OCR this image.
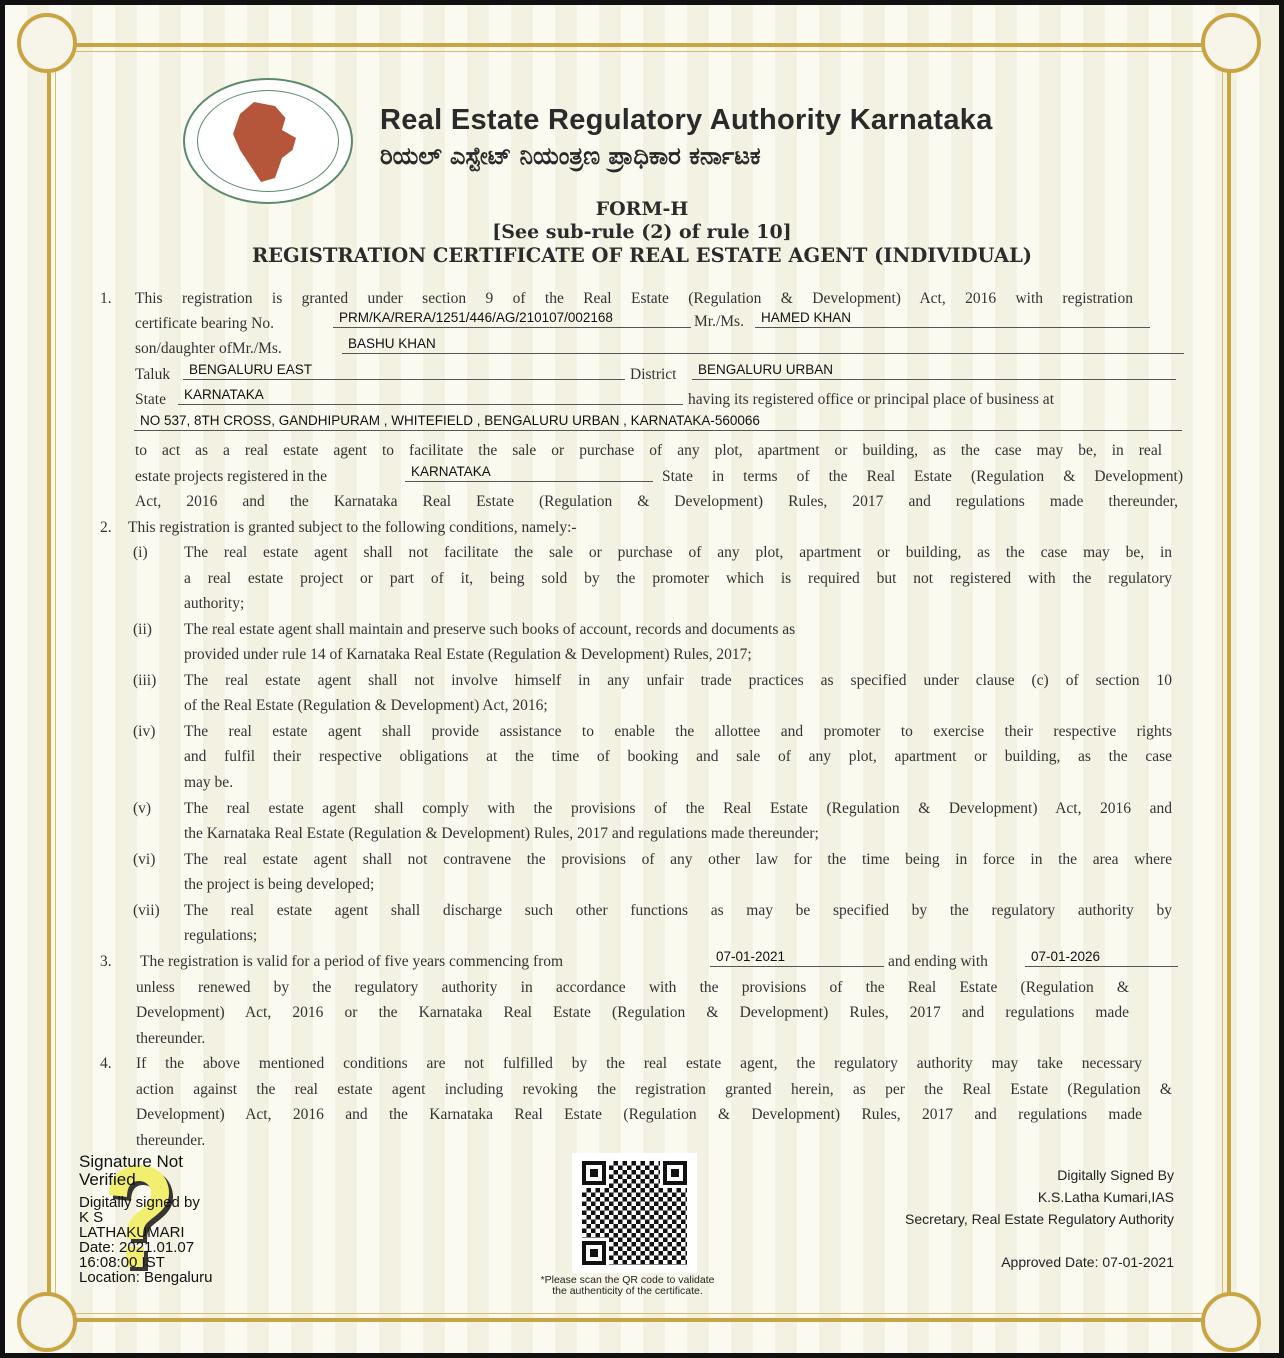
Real Estate Regulatory Authority Karnataka
ರಿಯಲ್ ಎಸ್ಟೇಟ್ ನಿಯಂತ್ರಣ ಪ್ರಾಧಿಕಾರ ಕರ್ನಾಟಕ
FORM-H
[See sub-rule (2) of rule 10]
REGISTRATION CERTIFICATE OF REAL ESTATE AGENT (INDIVIDUAL)
1. This registration is granted under section 9 of the Real Estate (Regulation & Development) Act, 2016 with registration
certificate bearing No.	PRM/KA/RERA/1251/446/AG/210107/002168	Mr./Ms.	HAMED KHAN
son/daughter ofMr./Ms.	BASHU KHAN
Taluk	BENGALURU EAST	District	BENGALURU URBAN
State	KARNATAKA	having its registered office or principal place of business at
NO 537, 8TH CROSS, GANDHIPURAM , WHITEFIELD , BENGALURU URBAN , KARNATAKA-560066
to act as a real estate agent to facilitate the sale or purchase of any plot, apartment or building, as the case may be, in real
estate projects registered in the	KARNATAKA	State in terms of the Real Estate (Regulation & Development)
Act, 2016 and the Karnataka Real Estate (Regulation & Development) Rules, 2017 and regulations made thereunder,
2. This registration is granted subject to the following conditions, namely:-
(i) The real estate agent shall not facilitate the sale or purchase of any plot, apartment or building, as the case may be, in
a real estate project or part of it, being sold by the promoter which is required but not registered with the regulatory
authority;
(ii) The real estate agent shall maintain and preserve such books of account, records and documents as
provided under rule 14 of Karnataka Real Estate (Regulation & Development) Rules, 2017;
(iii) The real estate agent shall not involve himself in any unfair trade practices as specified under clause (c) of section 10
of the Real Estate (Regulation & Development) Act, 2016;
(iv) The real estate agent shall provide assistance to enable the allottee and promoter to exercise their respective rights
and fulfil their respective obligations at the time of booking and sale of any plot, apartment or building, as the case
may be.
(v) The real estate agent shall comply with the provisions of the Real Estate (Regulation & Development) Act, 2016 and
the Karnataka Real Estate (Regulation & Development) Rules, 2017 and regulations made thereunder;
(vi) The real estate agent shall not contravene the provisions of any other law for the time being in force in the area where
the project is being developed;
(vii) The real estate agent shall discharge such other functions as may be specified by the regulatory authority by
regulations;
3. The registration is valid for a period of five years commencing from	07-01-2021	and ending with	07-01-2026
unless renewed by the regulatory authority in accordance with the provisions of the Real Estate (Regulation &
Development) Act, 2016 or the Karnataka Real Estate (Regulation & Development) Rules, 2017 and regulations made
thereunder.
4. If the above mentioned conditions are not fulfilled by the real estate agent, the regulatory authority may take necessary
action against the real estate agent including revoking the registration granted herein, as per the Real Estate (Regulation &
Development) Act, 2016 and the Karnataka Real Estate (Regulation & Development) Rules, 2017 and regulations made
thereunder.
Signature Not
Verified
Digitally signed by
K S
LATHAKUMARI
Date: 2021.01.07
16:08:00 IST
Location: Bengaluru	*Please scan the QR code to validate
the authenticity of the certificate.
Digitally Signed By
K.S.Latha Kumari,IAS
Secretary, Real Estate Regulatory Authority
Approved Date: 07-01-2021
